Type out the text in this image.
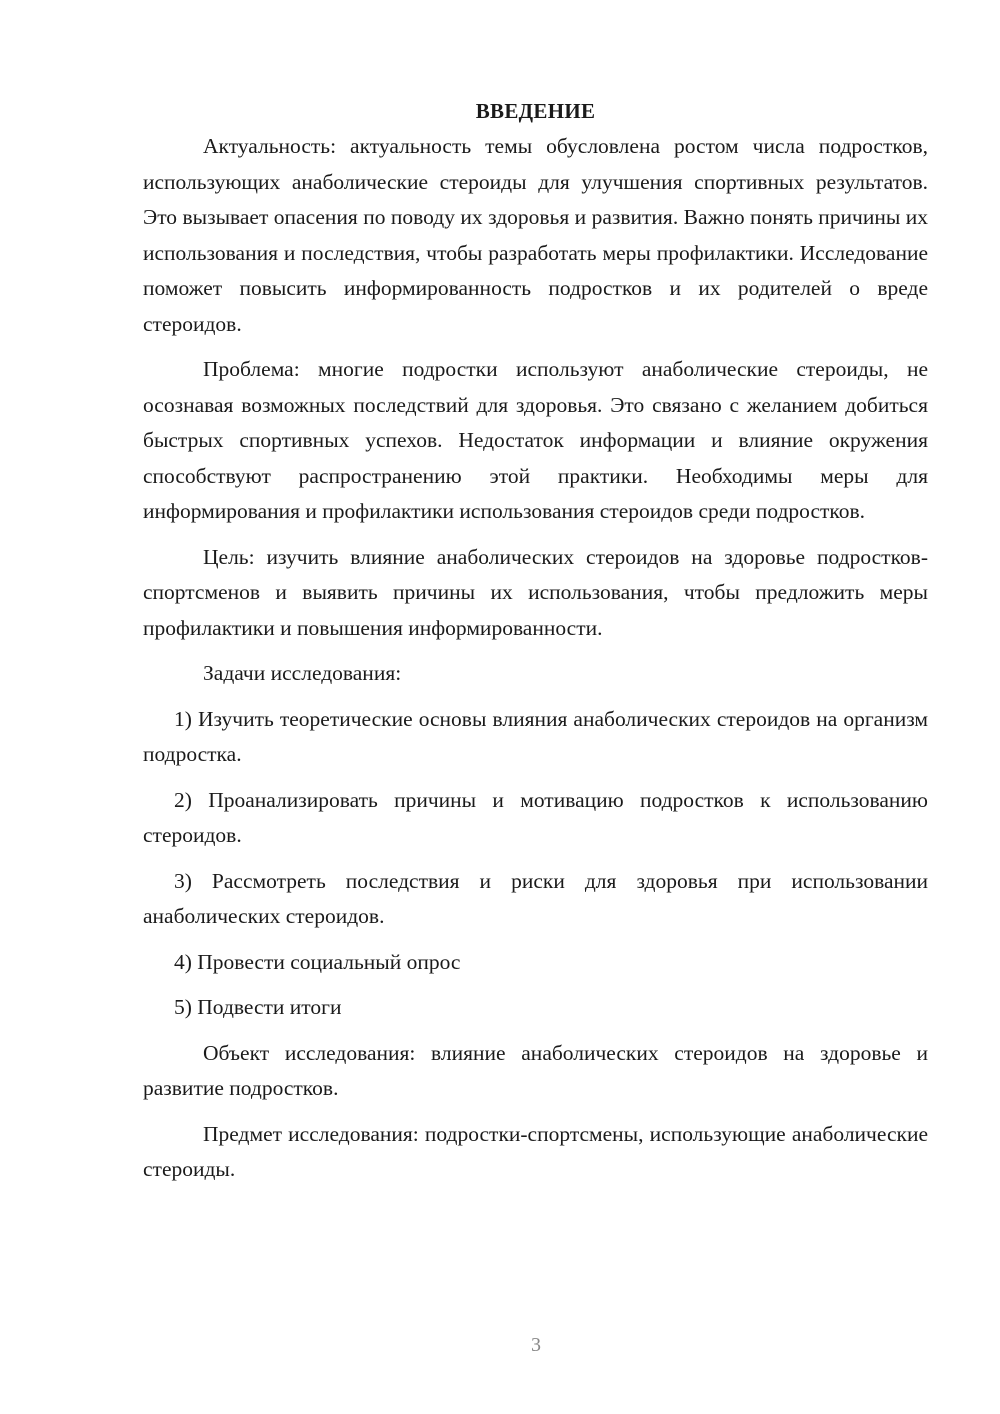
ВВЕДЕНИЕ

Актуальность: актуальность темы обусловлена ростом числа подростков, использующих анаболические стероиды для улучшения спортивных результатов. Это вызывает опасения по поводу их здоровья и развития. Важно понять причины их использования и последствия, чтобы разработать меры профилактики. Исследование поможет повысить информированность подростков и их родителей о вреде стероидов.

Проблема: многие подростки используют анаболические стероиды, не осознавая возможных последствий для здоровья. Это связано с желанием добиться быстрых спортивных успехов. Недостаток информации и влияние окружения способствуют распространению этой практики. Необходимы меры для информирования и профилактики использования стероидов среди подростков.

Цель: изучить влияние анаболических стероидов на здоровье подростков-спортсменов и выявить причины их использования, чтобы предложить меры профилактики и повышения информированности.

Задачи исследования:

1) Изучить теоретические основы влияния анаболических стероидов на организм подростка.

2) Проанализировать причины и мотивацию подростков к использованию стероидов.

3) Рассмотреть последствия и риски для здоровья при использовании анаболических стероидов.

4) Провести социальный опрос

5) Подвести итоги

Объект исследования: влияние анаболических стероидов на здоровье и развитие подростков.

Предмет исследования: подростки-спортсмены, использующие анаболические стероиды.

3
